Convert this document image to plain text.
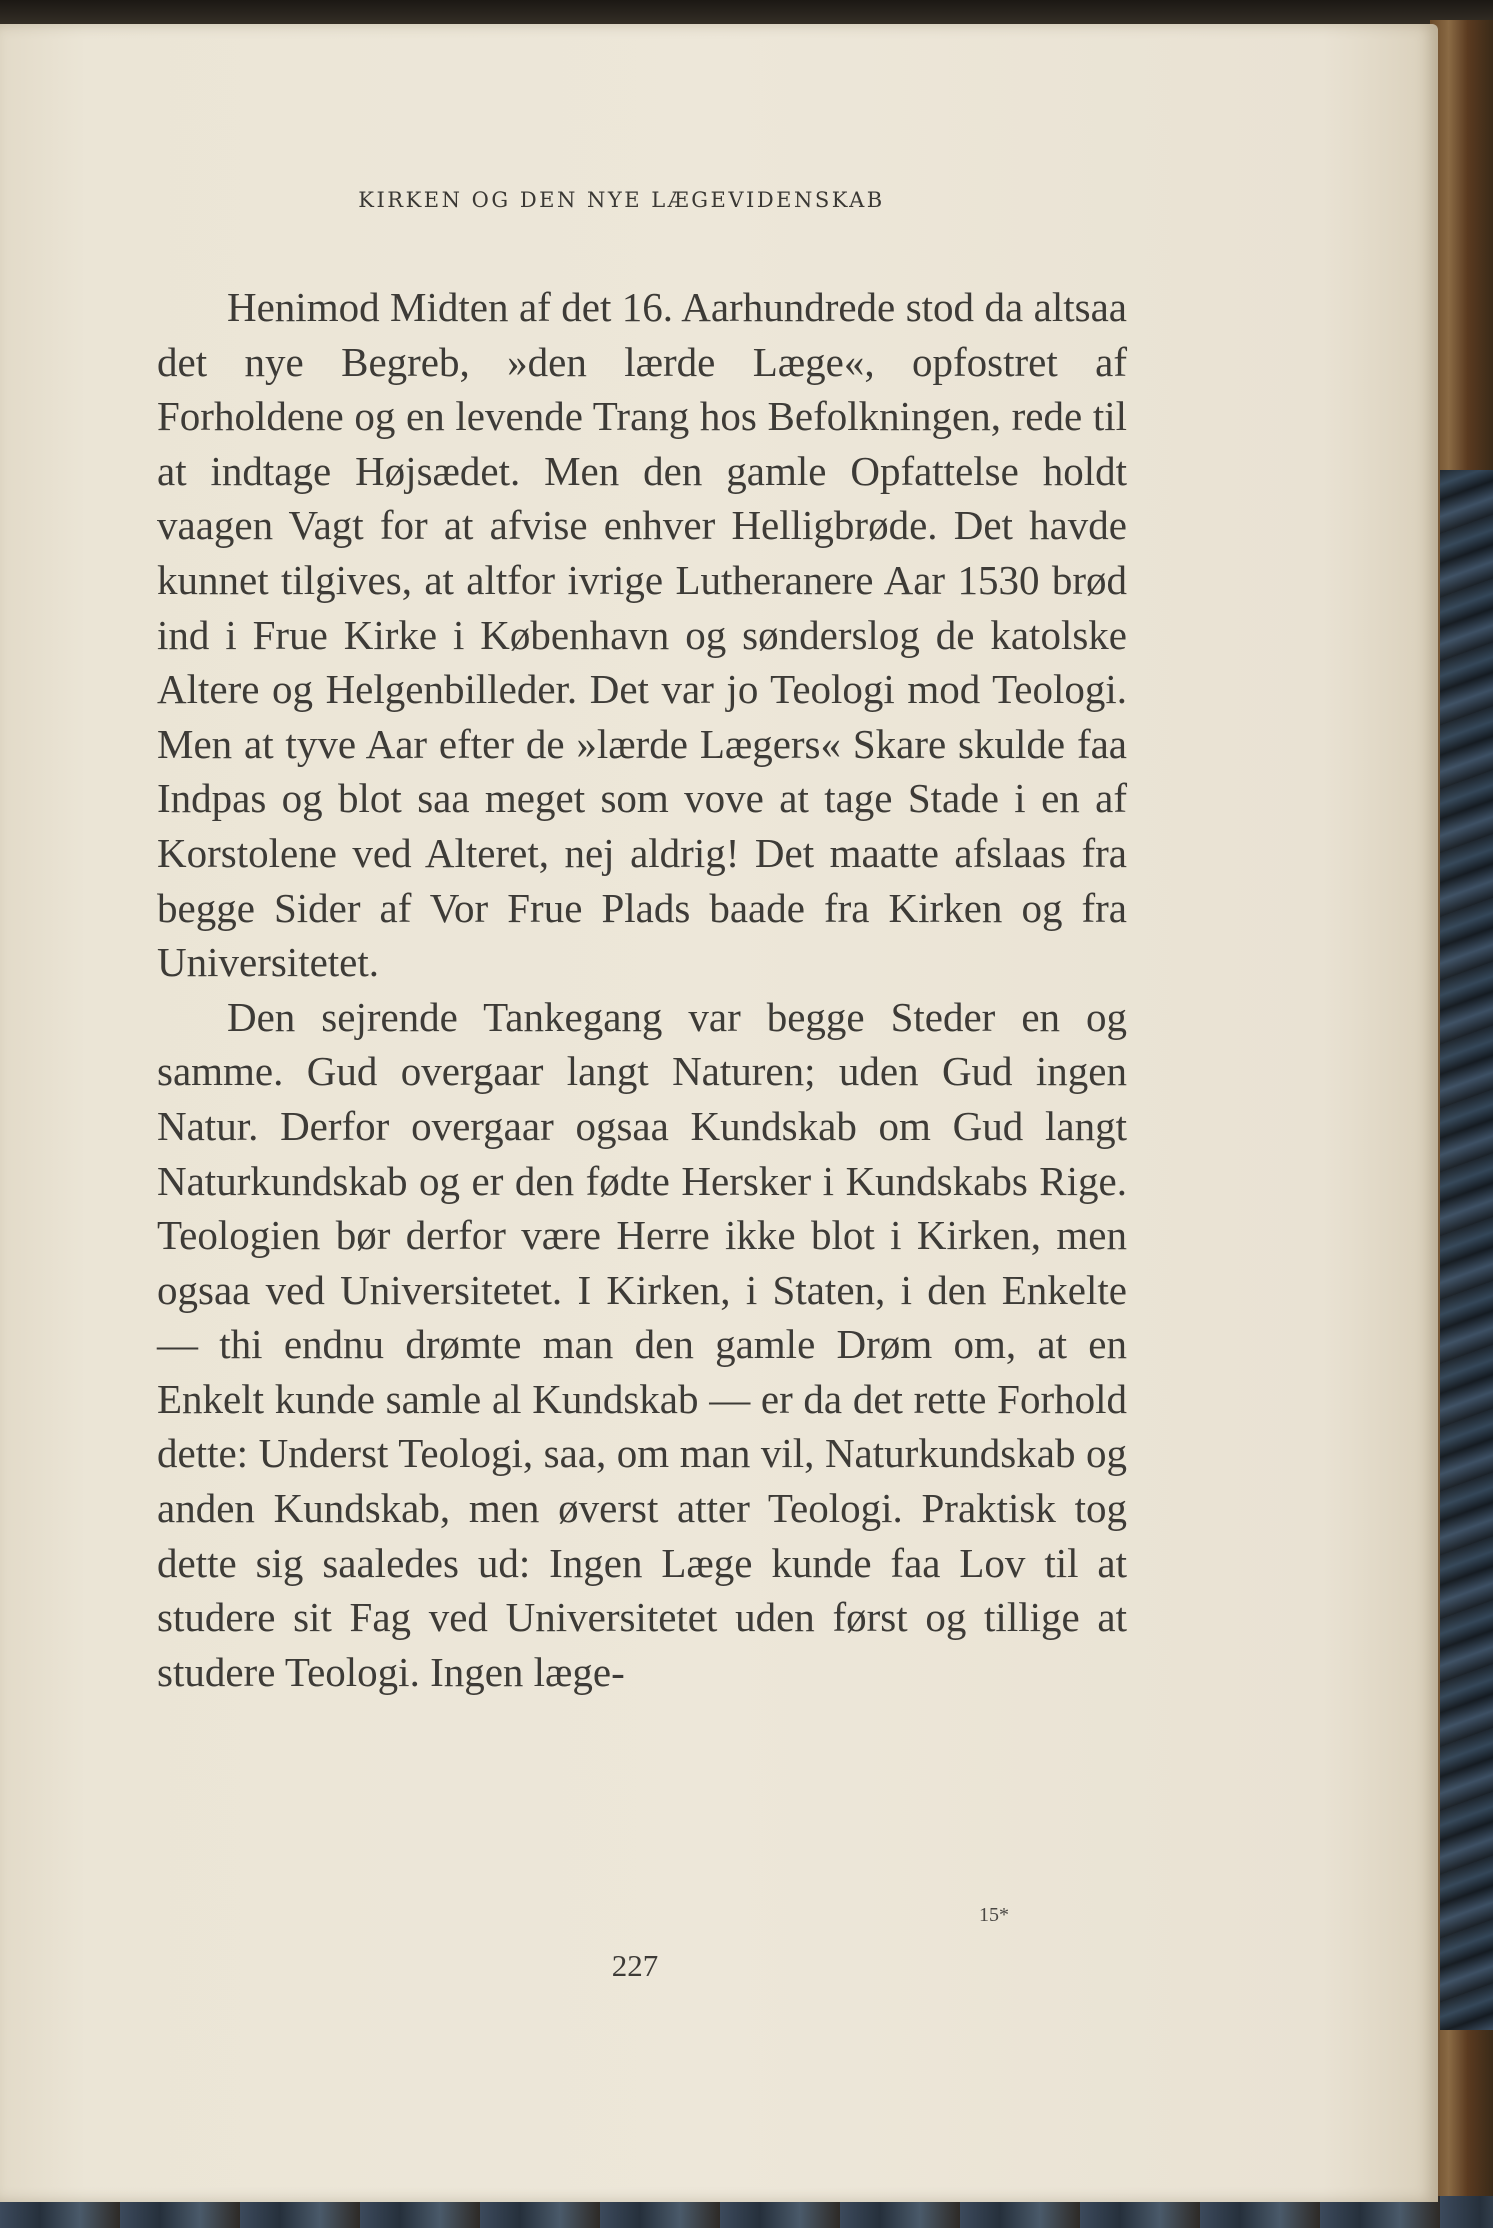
KIRKEN OG DEN NYE LÆGEVIDENSKAB

Henimod Midten af det 16. Aarhundrede stod da altsaa det nye Begreb, »den lærde Læge«, opfostret af Forholdene og en levende Trang hos Befolkningen, rede til at indtage Højsædet. Men den gamle Opfattelse holdt vaagen Vagt for at afvise enhver Helligbrøde. Det havde kunnet tilgives, at altfor ivrige Lutheranere Aar 1530 brød ind i Frue Kirke i København og sønderslog de katolske Altere og Helgenbilleder. Det var jo Teologi mod Teologi. Men at tyve Aar efter de »lærde Lægers« Skare skulde faa Indpas og blot saa meget som vove at tage Stade i en af Korstolene ved Alteret, nej aldrig! Det maatte afslaas fra begge Sider af Vor Frue Plads baade fra Kirken og fra Universitetet.

Den sejrende Tankegang var begge Steder en og samme. Gud overgaar langt Naturen; uden Gud ingen Natur. Derfor overgaar ogsaa Kundskab om Gud langt Naturkundskab og er den fødte Hersker i Kundskabs Rige. Teologien bør derfor være Herre ikke blot i Kirken, men ogsaa ved Universitetet. I Kirken, i Staten, i den Enkelte — thi endnu drømte man den gamle Drøm om, at en Enkelt kunde samle al Kundskab — er da det rette Forhold dette: Underst Teologi, saa, om man vil, Naturkundskab og anden Kundskab, men øverst atter Teologi. Praktisk tog dette sig saaledes ud: Ingen Læge kunde faa Lov til at studere sit Fag ved Universitetet uden først og tillige at studere Teologi. Ingen læge-

15*
227
